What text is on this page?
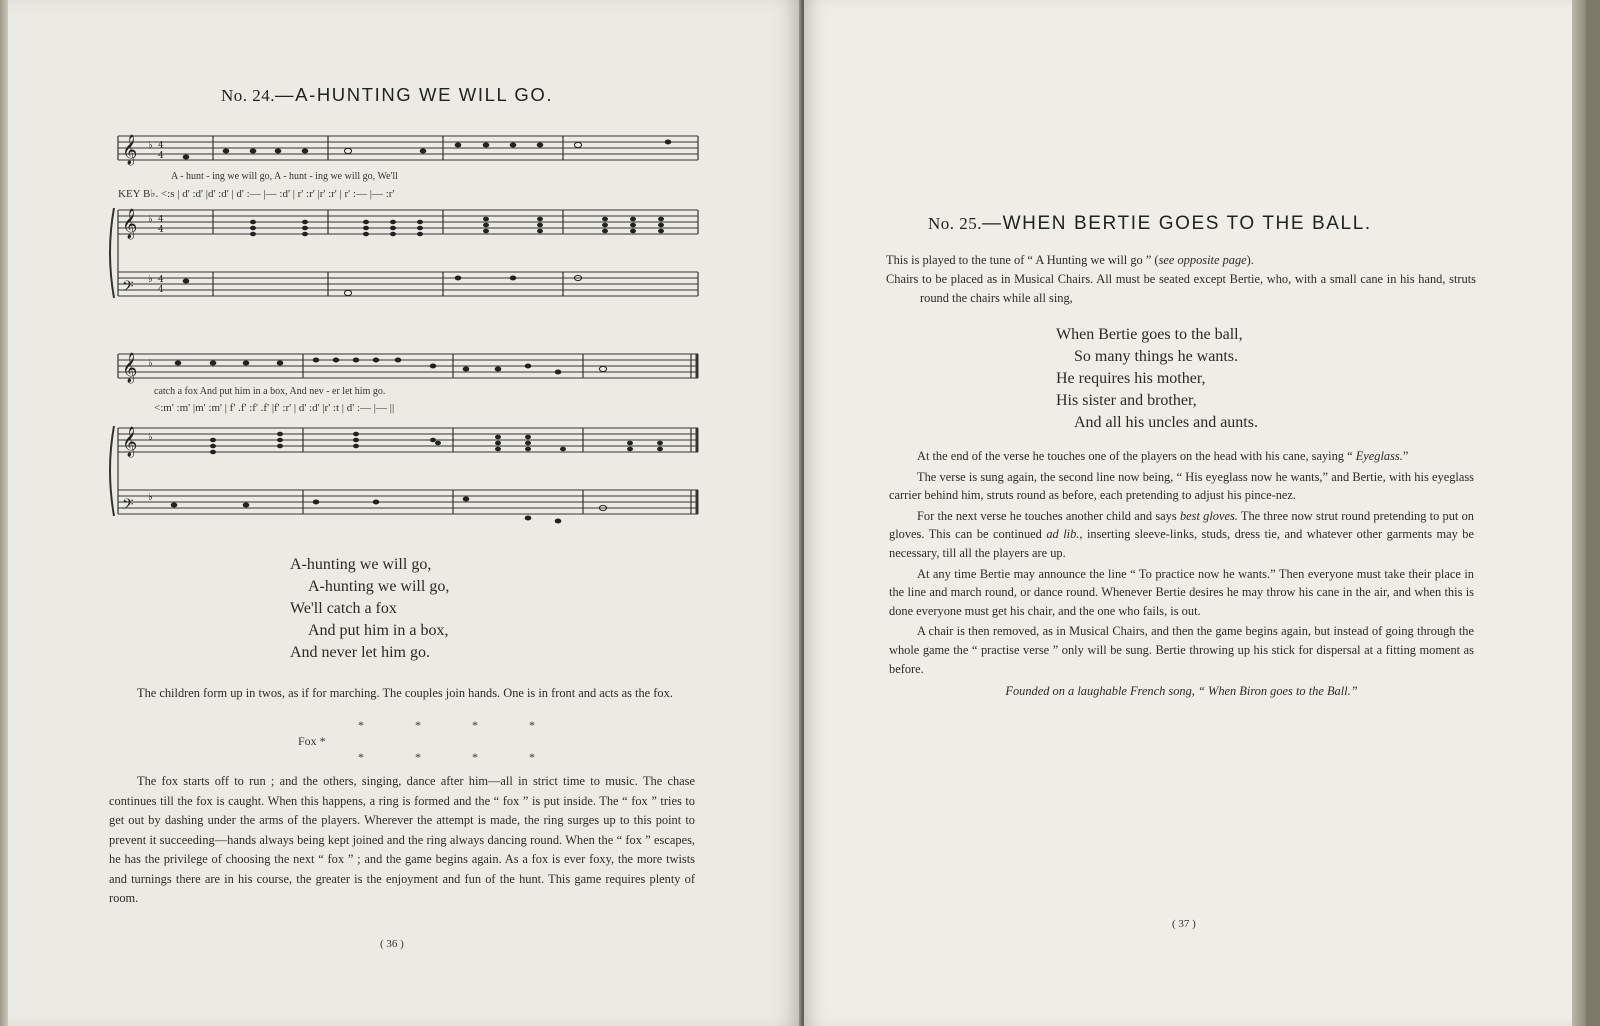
No. 24.—A-HUNTING WE WILL GO.
𝄞
𝄞
𝄢
♭
♭
♭
4
4
4
4
4
4
A - hunt - ing we will go, A - hunt - ing we will go, We'll
KEY B♭. <:s | d' :d' |d' :d' | d' :— |— :d' | r' :r' |r' :r' | r' :— |— :r'
𝄞
𝄞
𝄢
♭
♭
♭
catch a fox And put him in a box, And nev - er let him go.
<:m' :m' |m' :m' | f' .f' :f' .f' |f' :r' | d' :d' |r' :t | d' :— |— ||
A-hunting we will go,
A-hunting we will go,
We'll catch a fox
And put him in a box,
And never let him go.

The children form up in twos, as if for marching. The couples join hands. One is in front and acts as the fox.

* * * *
Fox *
* * * *

The fox starts off to run ; and the others, singing, dance after him—all in strict time to music. The chase continues till the fox is caught. When this happens, a ring is formed and the “ fox ” is put inside. The “ fox ” tries to get out by dashing under the arms of the players. Wherever the attempt is made, the ring surges up to this point to prevent it succeeding—hands always being kept joined and the ring always dancing round. When the “ fox ” escapes, he has the privilege of choosing the next “ fox ” ; and the game begins again. As a fox is ever foxy, the more twists and turnings there are in his course, the greater is the enjoyment and fun of the hunt. This game requires plenty of room.

( 36 )
No. 25.—WHEN BERTIE GOES TO THE BALL.

This is played to the tune of “ A Hunting we will go ” (see opposite page).

Chairs to be placed as in Musical Chairs. All must be seated except Bertie, who, with a small cane in his hand, struts round the chairs while all sing,

When Bertie goes to the ball,
So many things he wants.
He requires his mother,
His sister and brother,
And all his uncles and aunts.

At the end of the verse he touches one of the players on the head with his cane, saying “ Eyeglass.”

The verse is sung again, the second line now being, “ His eyeglass now he wants,” and Bertie, with his eyeglass carrier behind him, struts round as before, each pretending to adjust his pince-nez.

For the next verse he touches another child and says best gloves. The three now strut round pretending to put on gloves. This can be continued ad lib., inserting sleeve-links, studs, dress tie, and whatever other garments may be necessary, till all the players are up.

At any time Bertie may announce the line “ To practice now he wants.” Then everyone must take their place in the line and march round, or dance round. Whenever Bertie desires he may throw his cane in the air, and when this is done everyone must get his chair, and the one who fails, is out.

A chair is then removed, as in Musical Chairs, and then the game begins again, but instead of going through the whole game the “ practise verse ” only will be sung. Bertie throwing up his stick for dispersal at a fitting moment as before.

Founded on a laughable French song, “ When Biron goes to the Ball.”

( 37 )
